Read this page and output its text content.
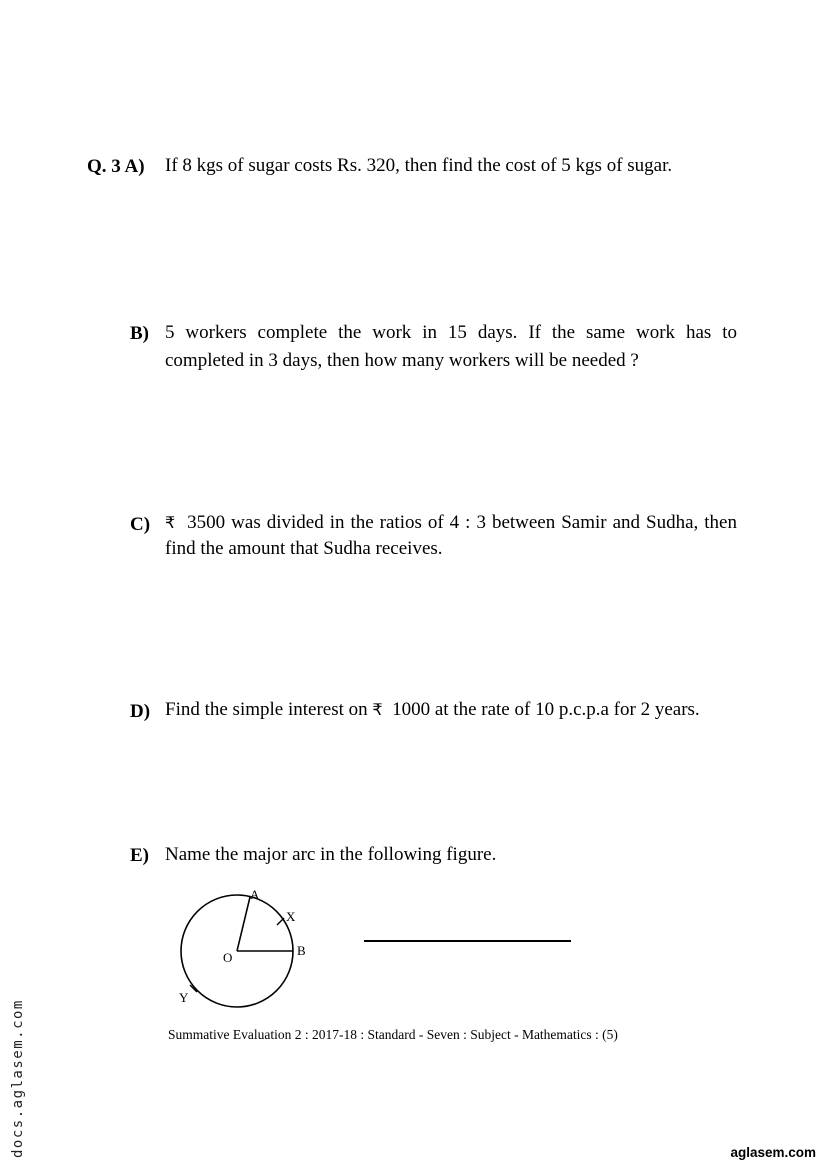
Q. 3 A) If 8 kgs of sugar costs Rs. 320, then find the cost of 5 kgs of sugar.
B) 5 workers complete the work in 15 days. If the same work has to completed in 3 days, then how many workers will be needed ?
C) ₹ 3500 was divided in the ratios of 4 : 3 between Samir and Sudha, then find the amount that Sudha receives.
D) Find the simple interest on ₹ 1000 at the rate of 10 p.c.p.a for 2 years.
E) Name the major arc in the following figure.
A
X
B
O
Y
Summative Evaluation 2 : 2017-18 : Standard - Seven : Subject - Mathematics : (5)
docs.aglasem.com	aglasem.com
